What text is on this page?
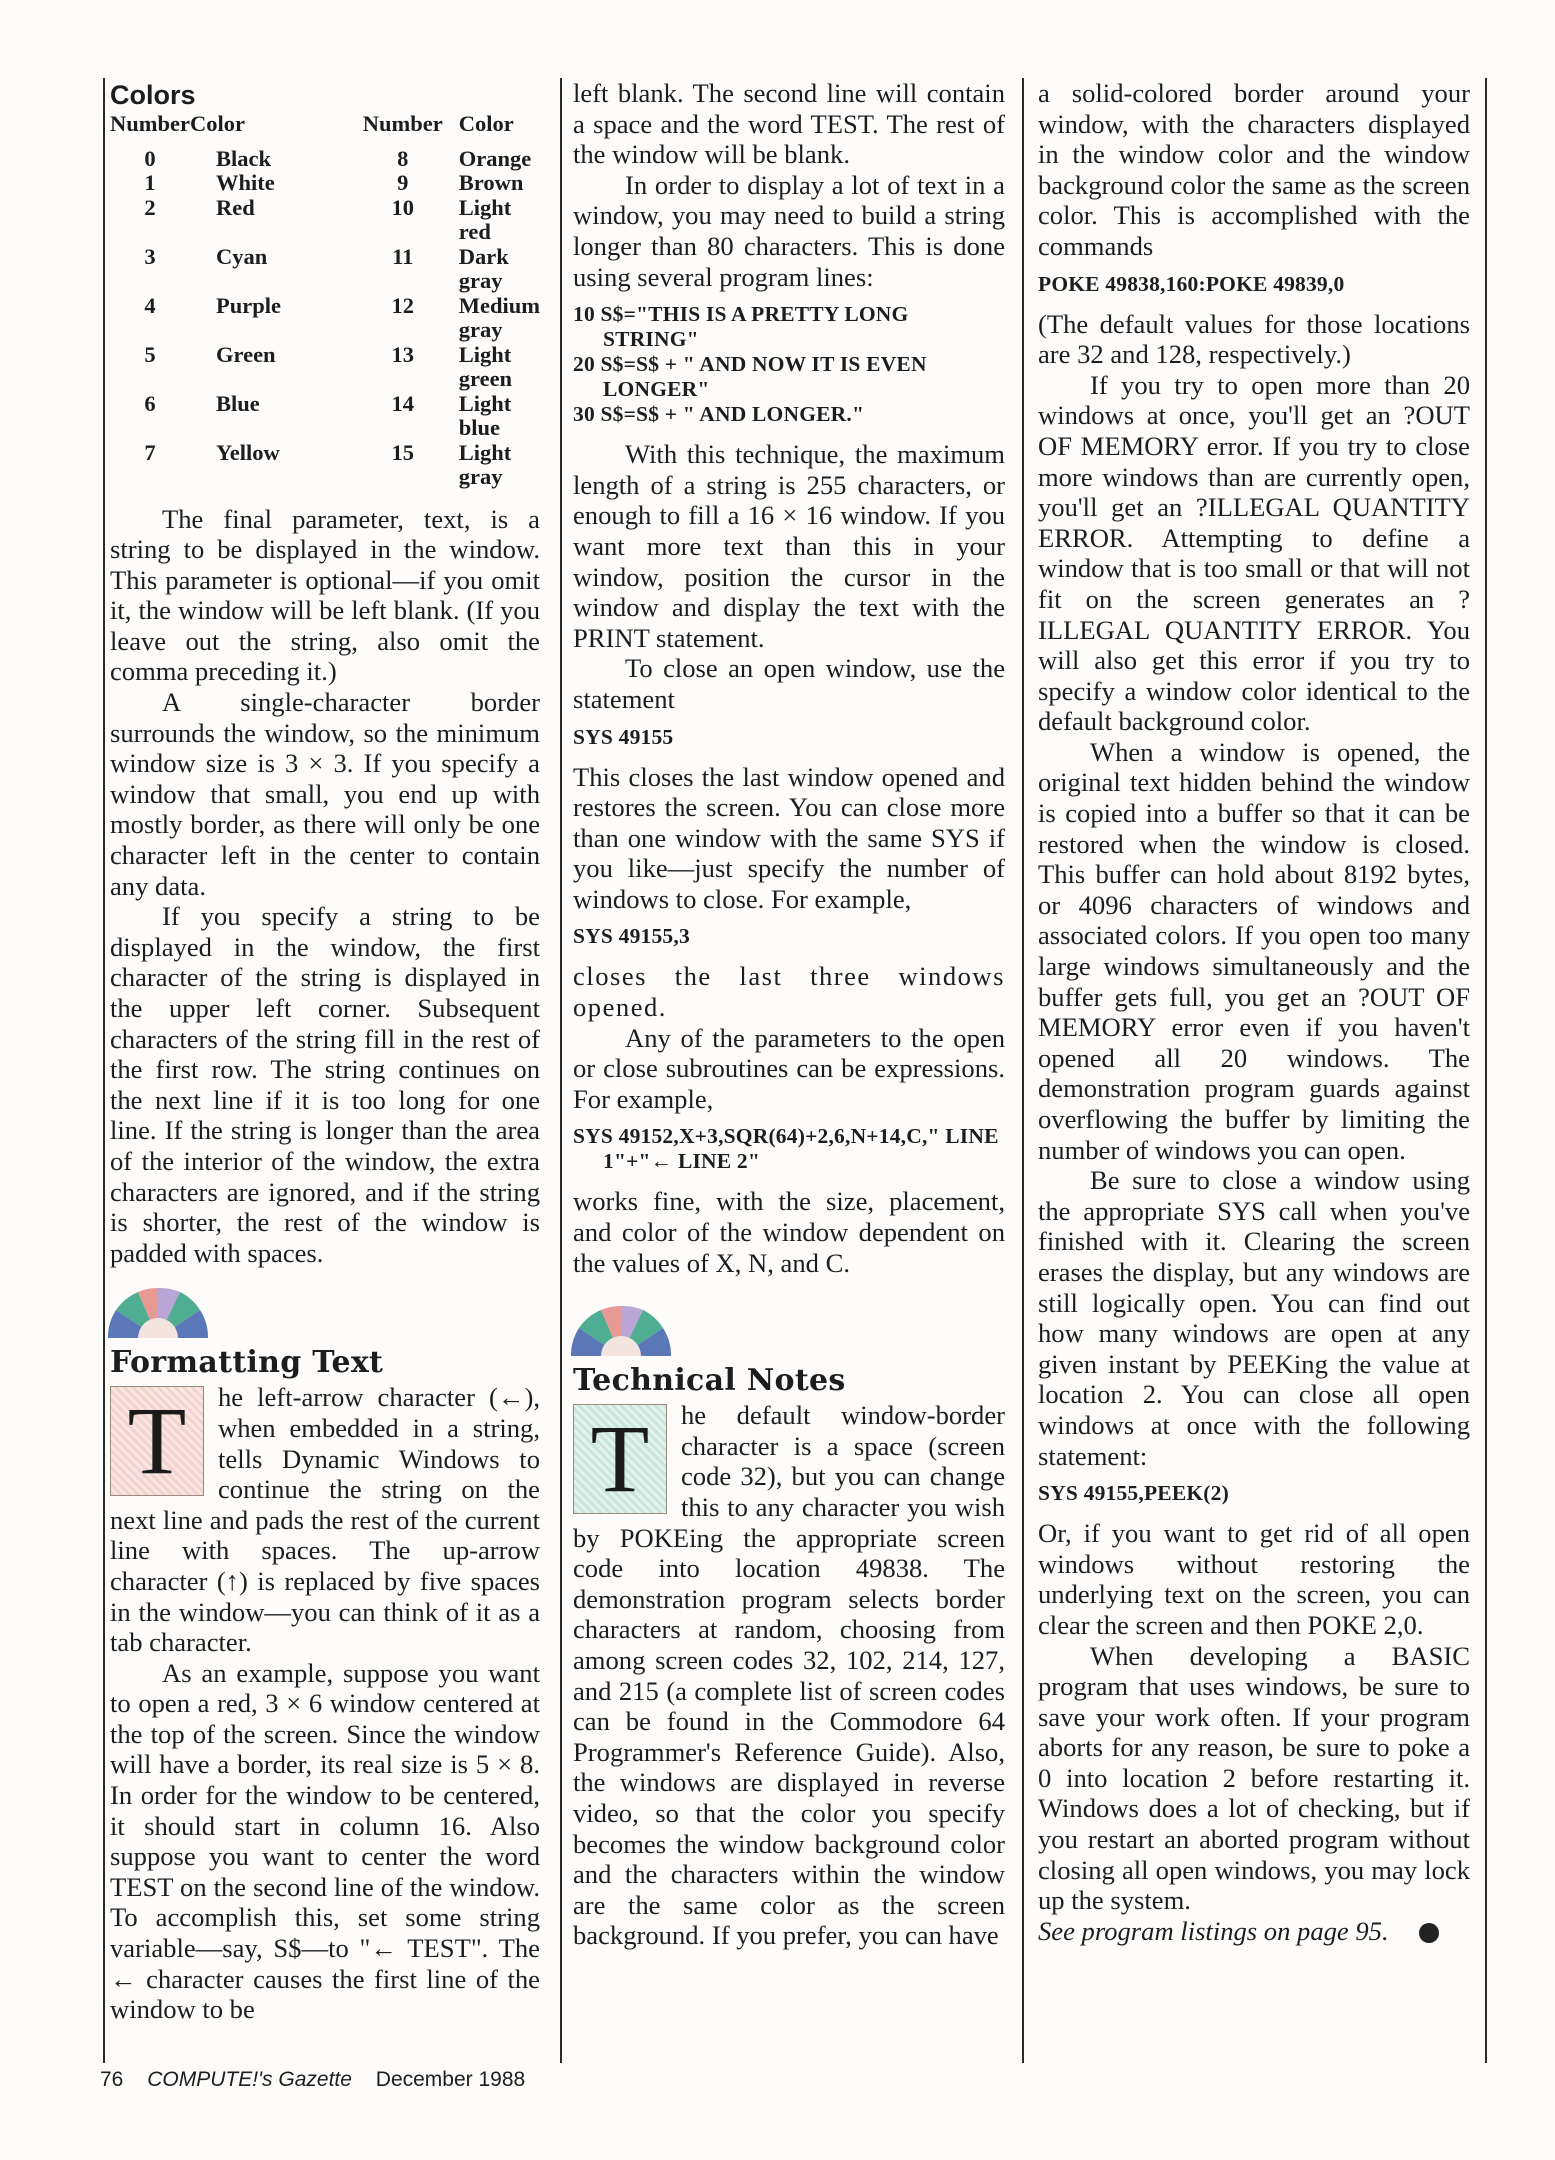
Colors
Number	Color	Number	Color
0	Black	8	Orange
1	White	9	Brown
2	Red	10	Light red
3	Cyan	11	Dark gray
4	Purple	12	Medium gray
5	Green	13	Light green
6	Blue	14	Light blue
7	Yellow	15	Light gray

The final parameter, text, is a string to be displayed in the window. This parameter is optional—if you omit it, the window will be left blank. (If you leave out the string, also omit the comma preceding it.)

A single-character border surrounds the window, so the minimum window size is 3 × 3. If you specify a window that small, you end up with mostly border, as there will only be one character left in the center to contain any data.

If you specify a string to be displayed in the window, the first character of the string is displayed in the upper left corner. Subsequent characters of the string fill in the rest of the first row. The string continues on the next line if it is too long for one line. If the string is longer than the area of the interior of the window, the extra characters are ignored, and if the string is shorter, the rest of the window is padded with spaces.

Formatting Text
T	he left-arrow character (←), when embedded in a string, tells Dynamic Windows to continue the string on the next line and pads the rest of the current line with spaces. The up-arrow character (↑) is replaced by five spaces in the window—you can think of it as a tab character.

As an example, suppose you want to open a red, 3 × 6 window centered at the top of the screen. Since the window will have a border, its real size is 5 × 8. In order for the window to be centered, it should start in column 16. Also suppose you want to center the word TEST on the second line of the window. To accomplish this, set some string variable—say, S$—to "← TEST". The ← character causes the first line of the window to be

left blank. The second line will contain a space and the word TEST. The rest of the window will be blank.

In order to display a lot of text in a window, you may need to build a string longer than 80 characters. This is done using several program lines:

10 S$="THIS IS A PRETTY LONG STRING"
20 S$=S$ + " AND NOW IT IS EVEN LONGER"
30 S$=S$ + " AND LONGER."

With this technique, the maximum length of a string is 255 characters, or enough to fill a 16 × 16 window. If you want more text than this in your window, position the cursor in the window and display the text with the PRINT statement.

To close an open window, use the statement

SYS 49155

This closes the last window opened and restores the screen. You can close more than one window with the same SYS if you like—just specify the number of windows to close. For example,

SYS 49155,3

closes the last three windows opened.

Any of the parameters to the open or close subroutines can be expressions. For example,

SYS 49152,X+3,SQR(64)+2,6,N+14,C," LINE 1"+"← LINE 2"

works fine, with the size, placement, and color of the window dependent on the values of X, N, and C.

Technical Notes
T	he default window-border character is a space (screen code 32), but you can change this to any character you wish by POKEing the appropriate screen code into location 49838. The demonstration program selects border characters at random, choosing from among screen codes 32, 102, 214, 127, and 215 (a complete list of screen codes can be found in the Commodore 64 Programmer's Reference Guide). Also, the windows are displayed in reverse video, so that the color you specify becomes the window background color and the characters within the window are the same color as the screen background. If you prefer, you can have

a solid-colored border around your window, with the characters displayed in the window color and the window background color the same as the screen color. This is accomplished with the commands

POKE 49838,160:POKE 49839,0

(The default values for those locations are 32 and 128, respectively.)

If you try to open more than 20 windows at once, you'll get an ?OUT OF MEMORY error. If you try to close more windows than are currently open, you'll get an ?ILLEGAL QUANTITY ERROR. Attempting to define a window that is too small or that will not fit on the screen generates an ?ILLEGAL QUANTITY ERROR. You will also get this error if you try to specify a window color identical to the default background color.

When a window is opened, the original text hidden behind the window is copied into a buffer so that it can be restored when the window is closed. This buffer can hold about 8192 bytes, or 4096 characters of windows and associated colors. If you open too many large windows simultaneously and the buffer gets full, you get an ?OUT OF MEMORY error even if you haven't opened all 20 windows. The demonstration program guards against overflowing the buffer by limiting the number of windows you can open.

Be sure to close a window using the appropriate SYS call when you've finished with it. Clearing the screen erases the display, but any windows are still logically open. You can find out how many windows are open at any given instant by PEEKing the value at location 2. You can close all open windows at once with the following statement:

SYS 49155,PEEK(2)

Or, if you want to get rid of all open windows without restoring the underlying text on the screen, you can clear the screen and then POKE 2,0.

When developing a BASIC program that uses windows, be sure to save your work often. If your program aborts for any reason, be sure to poke a 0 into location 2 before restarting it. Windows does a lot of checking, but if you restart an aborted program without closing all open windows, you may lock up the system.

See program listings on page 95.

76 COMPUTE!'s Gazette December 1988
